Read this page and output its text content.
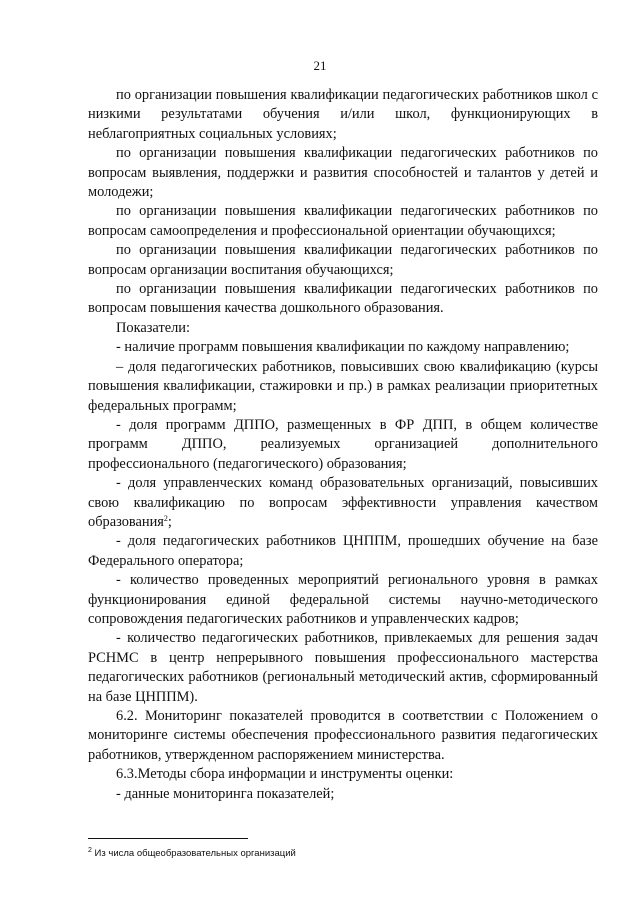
21

по организации повышения квалификации педагогических работников школ с низкими результатами обучения и/или школ, функционирующих в неблагоприятных социальных условиях;

по организации повышения квалификации педагогических работников по вопросам выявления, поддержки и развития способностей и талантов у детей и молодежи;

по организации повышения квалификации педагогических работников по вопросам самоопределения и профессиональной ориентации обучающихся;

по организации повышения квалификации педагогических работников по вопросам организации воспитания обучающихся;

по организации повышения квалификации педагогических работников по вопросам повышения качества дошкольного образования.

Показатели:

- наличие программ повышения квалификации по каждому направлению;

– доля педагогических работников, повысивших свою квалификацию (курсы повышения квалификации, стажировки и пр.) в рамках реализации приоритетных федеральных программ;

- доля программ ДППО, размещенных в ФР ДПП, в общем количестве программ ДППО, реализуемых организацией дополнительного профессионального (педагогического) образования;

- доля управленческих команд образовательных организаций, повысивших свою квалификацию по вопросам эффективности управления качеством образования$^2$;

- доля педагогических работников ЦНППМ, прошедших обучение на базе Федерального оператора;

- количество проведенных мероприятий регионального уровня в рамках функционирования единой федеральной системы научно-методического сопровождения педагогических работников и управленческих кадров;

- количество педагогических работников, привлекаемых для решения задач РСНМС в центр непрерывного повышения профессионального мастерства педагогических работников (региональный методический актив, сформированный на базе ЦНППМ).

6.2. Мониторинг показателей проводится в соответствии с Положением о мониторинге системы обеспечения профессионального развития педагогических работников, утвержденном распоряжением министерства.

6.3.Методы сбора информации и инструменты оценки:

- данные мониторинга показателей;

$^2$ Из числа общеобразовательных организаций
